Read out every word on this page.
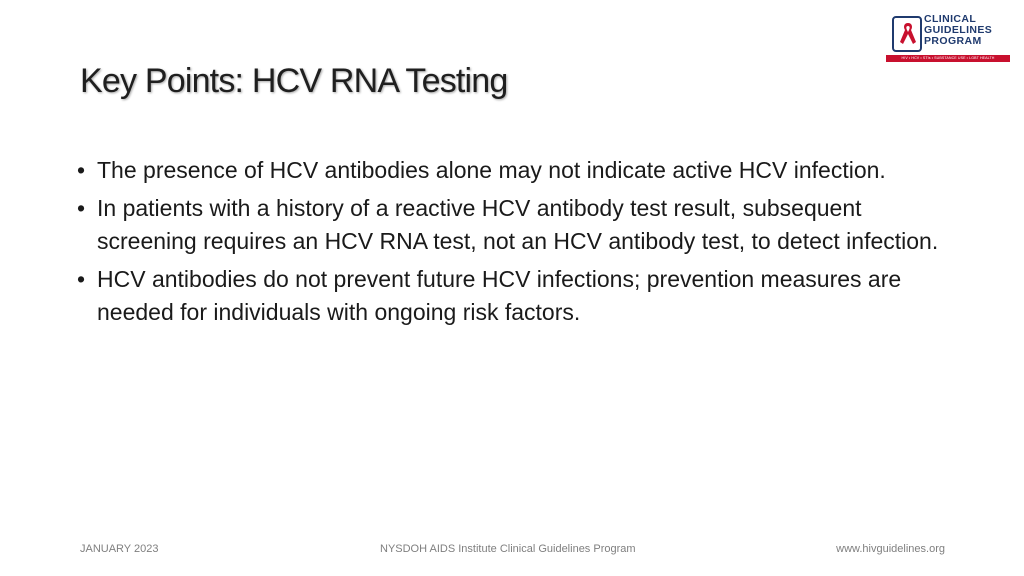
CLINICAL
GUIDELINES
PROGRAM
HIV • HCV • STIs • SUBSTANCE USE • LGBT HEALTH
Key Points: HCV RNA Testing
• The presence of HCV antibodies alone may not indicate active HCV infection.
• In patients with a history of a reactive HCV antibody test result, subsequent screening requires an HCV RNA test, not an HCV antibody test, to detect infection.
• HCV antibodies do not prevent future HCV infections; prevention measures are needed for individuals with ongoing risk factors.
JANUARY 2023	NYSDOH AIDS Institute Clinical Guidelines Program	www.hivguidelines.org
